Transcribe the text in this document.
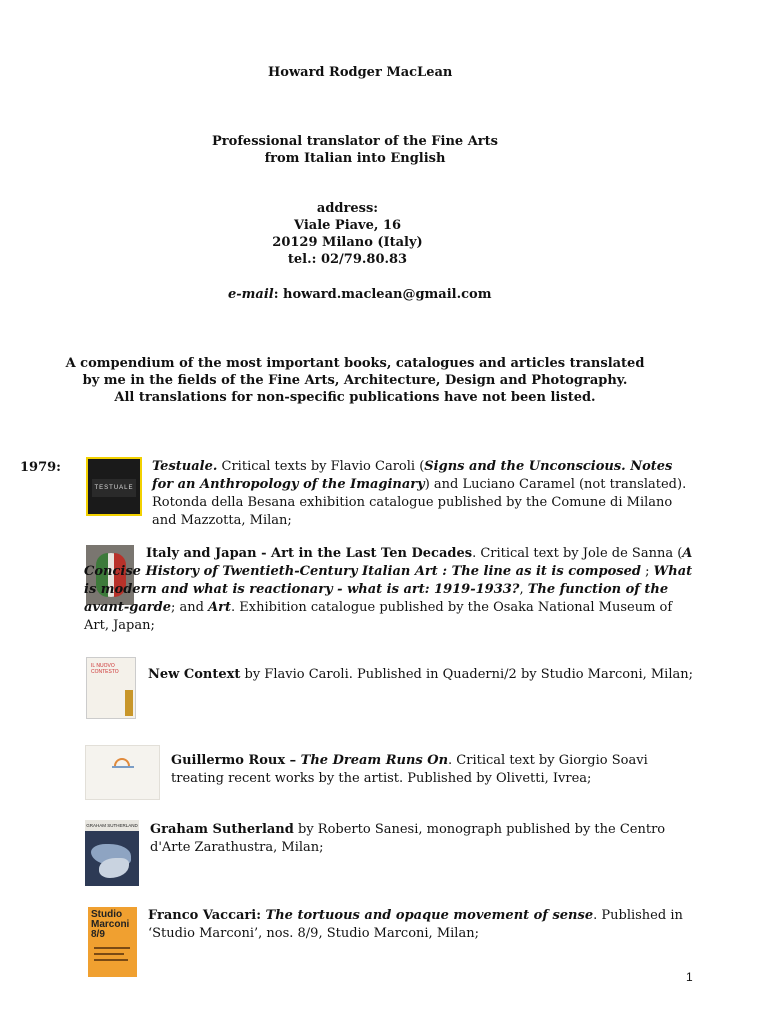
Howard Rodger MacLean
Professional translator of the Fine Arts
from Italian into English
address:
Viale Piave, 16
20129 Milano (Italy)
tel.: 02/79.80.83
e-mail: howard.maclean@gmail.com
A compendium of the most important books, catalogues and articles translated
by me in the fields of the Fine Arts, Architecture, Design and Photography.
All translations for non-specific publications have not been listed.
1979:
TESTUALE
Testuale. Critical texts by Flavio Caroli (Signs and the Unconscious. Notes for an Anthropology of the Imaginary) and Luciano Caramel (not translated). Rotonda della Besana exhibition catalogue published by the Comune di Milano and Mazzotta, Milan;
Italy and Japan - Art in the Last Ten Decades. Critical text by Jole de Sanna (A Concise History of Twentieth-Century Italian Art : The line as it is composed ; What is modern and what is reactionary - what is art: 1919-1933?, The function of the avant-garde; and Art. Exhibition catalogue published by the Osaka National Museum of Art, Japan;
IL NUOVO CONTESTO New Context by Flavio Caroli. Published in Quaderni/2 by Studio Marconi, Milan;
Guillermo Roux – The Dream Runs On. Critical text by Giorgio Soavi treating recent works by the artist. Published by Olivetti, Ivrea;
GRAHAM SUTHERLAND Graham Sutherland by Roberto Sanesi, monograph published by the Centro d'Arte Zarathustra, Milan;
Studio
Marconi
8/9
Franco Vaccari: The tortuous and opaque movement of sense. Published in ‘Studio Marconi’, nos. 8/9, Studio Marconi, Milan;
1
